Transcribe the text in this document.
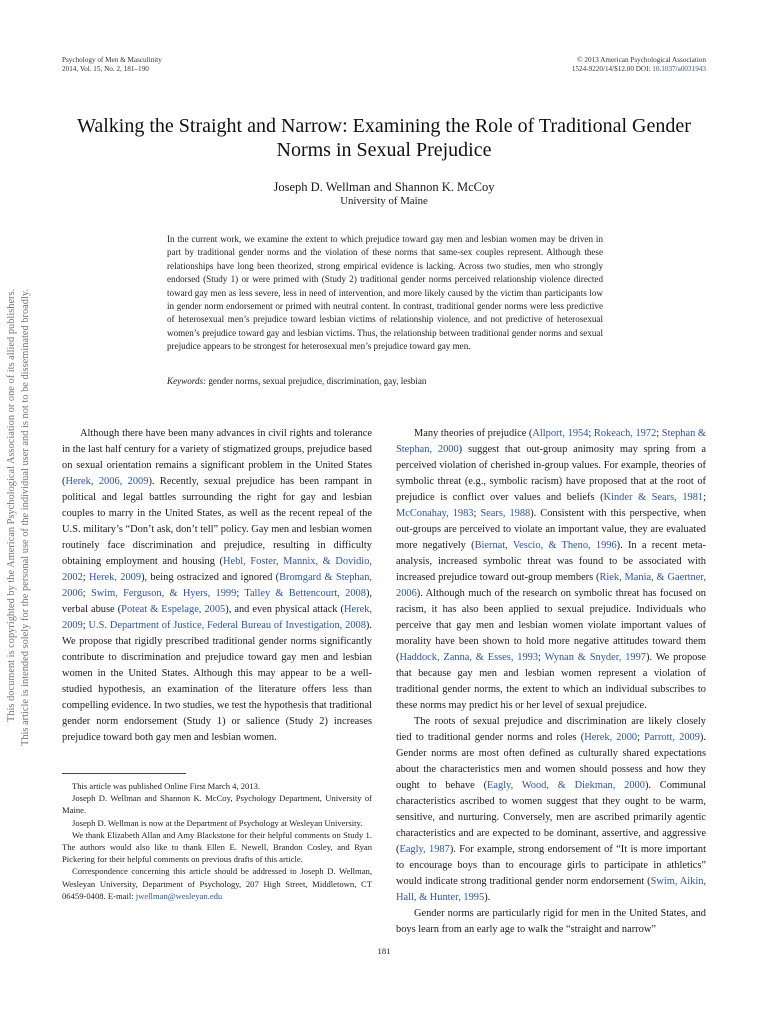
Psychology of Men & Masculinity
2014, Vol. 15, No. 2, 181–190
© 2013 American Psychological Association
1524-9220/14/$12.00 DOI: 10.1037/a0031943
This document is copyrighted by the American Psychological Association or one of its allied publishers. This article is intended solely for the personal use of the individual user and is not to be disseminated broadly.
Walking the Straight and Narrow: Examining the Role of Traditional Gender Norms in Sexual Prejudice
Joseph D. Wellman and Shannon K. McCoy
University of Maine
In the current work, we examine the extent to which prejudice toward gay men and lesbian women may be driven in part by traditional gender norms and the violation of these norms that same-sex couples represent. Although these relationships have long been theorized, strong empirical evidence is lacking. Across two studies, men who strongly endorsed (Study 1) or were primed with (Study 2) traditional gender norms perceived relationship violence directed toward gay men as less severe, less in need of intervention, and more likely caused by the victim than participants low in gender norm endorsement or primed with neutral content. In contrast, traditional gender norms were less predictive of heterosexual men’s prejudice toward lesbian victims of relationship violence, and not predictive of heterosexual women’s prejudice toward gay and lesbian victims. Thus, the relationship between traditional gender norms and sexual prejudice appears to be strongest for heterosexual men’s prejudice toward gay men.
Keywords: gender norms, sexual prejudice, discrimination, gay, lesbian

Although there have been many advances in civil rights and tolerance in the last half century for a variety of stigmatized groups, prejudice based on sexual orientation remains a significant problem in the United States (Herek, 2006, 2009). Recently, sexual prejudice has been rampant in political and legal battles surrounding the right for gay and lesbian couples to marry in the United States, as well as the recent repeal of the U.S. military’s “Don’t ask, don’t tell” policy. Gay men and lesbian women routinely face discrimination and prejudice, resulting in difficulty obtaining employment and housing (Hebl, Foster, Mannix, & Dovidio, 2002; Herek, 2009), being ostracized and ignored (Bromgard & Stephan, 2006; Swim, Ferguson, & Hyers, 1999; Talley & Bettencourt, 2008), verbal abuse (Poteat & Espelage, 2005), and even physical attack (Herek, 2009; U.S. Department of Justice, Federal Bureau of Investigation, 2008). We propose that rigidly prescribed traditional gender norms significantly contribute to discrimination and prejudice toward gay men and lesbian women in the United States. Although this may appear to be a well-studied hypothesis, an examination of the literature offers less than compelling evidence. In two studies, we test the hypothesis that traditional gender norm endorsement (Study 1) or salience (Study 2) increases prejudice toward both gay men and lesbian women.

Many theories of prejudice (Allport, 1954; Rokeach, 1972; Stephan & Stephan, 2000) suggest that out-group animosity may spring from a perceived violation of cherished in-group values. For example, theories of symbolic threat (e.g., symbolic racism) have proposed that at the root of prejudice is conflict over values and beliefs (Kinder & Sears, 1981; McConahay, 1983; Sears, 1988). Consistent with this perspective, when out-groups are perceived to violate an important value, they are evaluated more negatively (Biernat, Vescio, & Theno, 1996). In a recent meta-analysis, increased symbolic threat was found to be associated with increased prejudice toward out-group members (Riek, Mania, & Gaertner, 2006). Although much of the research on symbolic threat has focused on racism, it has also been applied to sexual prejudice. Individuals who perceive that gay men and lesbian women violate important values of morality have been shown to hold more negative attitudes toward them (Haddock, Zanna, & Esses, 1993; Wynan & Snyder, 1997). We propose that because gay men and lesbian women represent a violation of traditional gender norms, the extent to which an individual subscribes to these norms may predict his or her level of sexual prejudice.

The roots of sexual prejudice and discrimination are likely closely tied to traditional gender norms and roles (Herek, 2000; Parrott, 2009). Gender norms are most often defined as culturally shared expectations about the characteristics men and women should possess and how they ought to behave (Eagly, Wood, & Diekman, 2000). Communal characteristics ascribed to women suggest that they ought to be warm, sensitive, and nurturing. Conversely, men are ascribed primarily agentic characteristics and are expected to be dominant, assertive, and aggressive (Eagly, 1987). For example, strong endorsement of “It is more important to encourage boys than to encourage girls to participate in athletics” would indicate strong traditional gender norm endorsement (Swim, Aikin, Hall, & Hunter, 1995).

Gender norms are particularly rigid for men in the United States, and boys learn from an early age to walk the “straight and narrow”

This article was published Online First March 4, 2013.

Joseph D. Wellman and Shannon K. McCoy, Psychology Department, University of Maine.

Joseph D. Wellman is now at the Department of Psychology at Wesleyan University.

We thank Elizabeth Allan and Amy Blackstone for their helpful comments on Study 1. The authors would also like to thank Ellen E. Newell, Brandon Cosley, and Ryan Pickering for their helpful comments on previous drafts of this article.

Correspondence concerning this article should be addressed to Joseph D. Wellman, Wesleyan University, Department of Psychology, 207 High Street, Middletown, CT 06459-0408. E-mail: jwellman@wesleyan.edu

181
